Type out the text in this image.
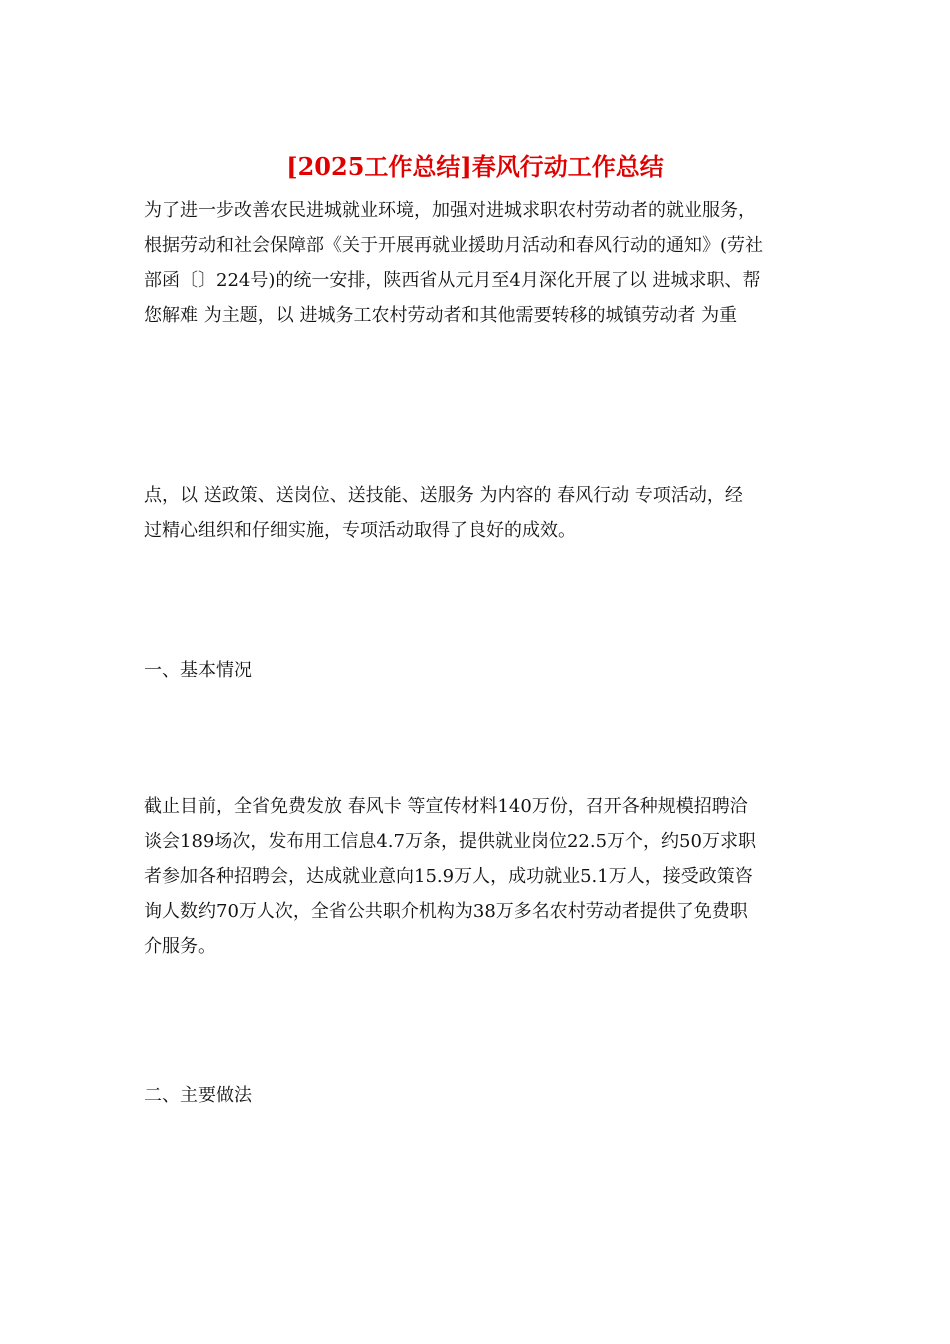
[2025工作总结]春风行动工作总结
为了进一步改善农民进城就业环境，加强对进城求职农村劳动者的就业服务，
根据劳动和社会保障部《关于开展再就业援助月活动和春风行动的通知》(劳社
部函〔〕224号)的统一安排，陕西省从元月至4月深化开展了以 进城求职、帮
您解难 为主题，以 进城务工农村劳动者和其他需要转移的城镇劳动者 为重
点，以 送政策、送岗位、送技能、送服务 为内容的 春风行动 专项活动，经
过精心组织和仔细实施，专项活动取得了良好的成效。
一、基本情况
截止目前，全省免费发放 春风卡 等宣传材料140万份，召开各种规模招聘洽
谈会189场次，发布用工信息4.7万条，提供就业岗位22.5万个，约50万求职
者参加各种招聘会，达成就业意向15.9万人，成功就业5.1万人，接受政策咨
询人数约70万人次，全省公共职介机构为38万多名农村劳动者提供了免费职
介服务。
二、主要做法
